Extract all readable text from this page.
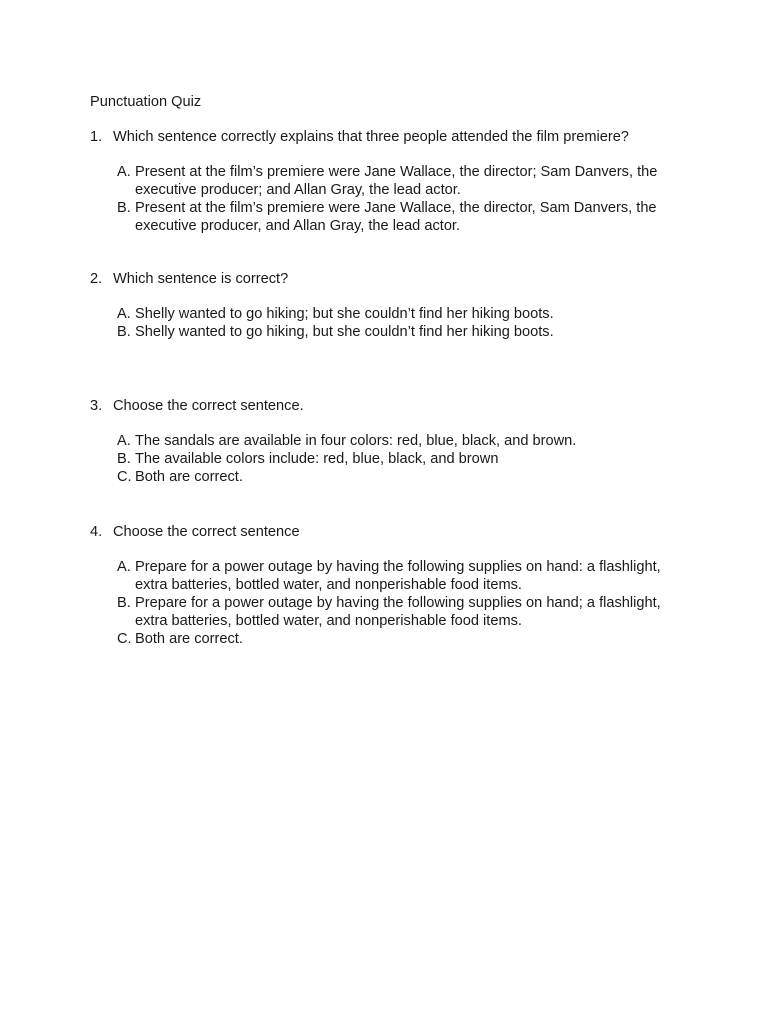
Punctuation Quiz
1. Which sentence correctly explains that three people attended the film premiere?
A. Present at the film’s premiere were Jane Wallace, the director; Sam Danvers, the executive producer; and Allan Gray, the lead actor.
B. Present at the film’s premiere were Jane Wallace, the director, Sam Danvers, the executive producer, and Allan Gray, the lead actor.
2. Which sentence is correct?
A. Shelly wanted to go hiking; but she couldn’t find her hiking boots.
B. Shelly wanted to go hiking, but she couldn’t find her hiking boots.
3. Choose the correct sentence.
A. The sandals are available in four colors: red, blue, black, and brown.
B. The available colors include: red, blue, black, and brown
C. Both are correct.
4. Choose the correct sentence
A. Prepare for a power outage by having the following supplies on hand: a flashlight, extra batteries, bottled water, and nonperishable food items.
B. Prepare for a power outage by having the following supplies on hand; a flashlight, extra batteries, bottled water, and nonperishable food items.
C. Both are correct.
